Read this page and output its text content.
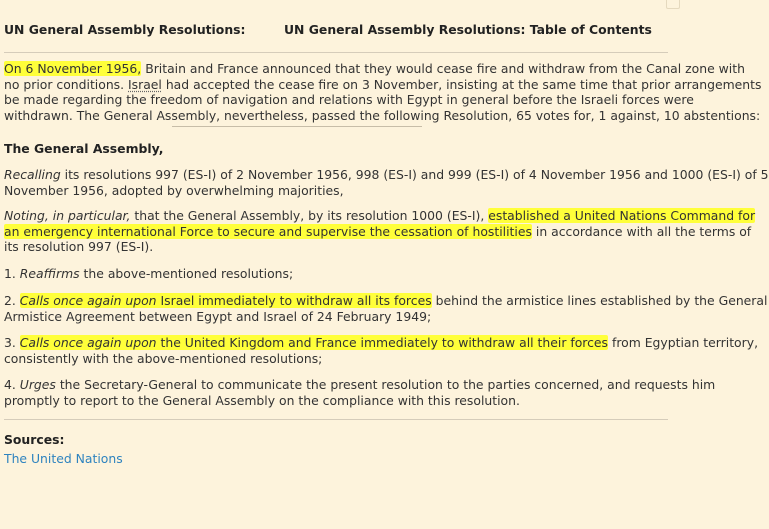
UN General Assembly Resolutions:	UN General Assembly Resolutions: Table of Contents
On 6 November 1956, Britain and France announced that they would cease fire and withdraw from the Canal zone with
no prior conditions. Israel had accepted the cease fire on 3 November, insisting at the same time that prior arrangements
be made regarding the freedom of navigation and relations with Egypt in general before the Israeli forces were
withdrawn. The General Assembly, nevertheless, passed the following Resolution, 65 votes for, 1 against, 10 abstentions:
The General Assembly,
Recalling its resolutions 997 (ES-I) of 2 November 1956, 998 (ES-I) and 999 (ES-I) of 4 November 1956 and 1000 (ES-I) of 5
November 1956, adopted by overwhelming majorities,
Noting, in particular, that the General Assembly, by its resolution 1000 (ES-I), established a United Nations Command for
an emergency international Force to secure and supervise the cessation of hostilities in accordance with all the terms of
its resolution 997 (ES-I).
1. Reaffirms the above-mentioned resolutions;
2. Calls once again upon Israel immediately to withdraw all its forces behind the armistice lines established by the General
Armistice Agreement between Egypt and Israel of 24 February 1949;
3. Calls once again upon the United Kingdom and France immediately to withdraw all their forces from Egyptian territory,
consistently with the above-mentioned resolutions;
4. Urges the Secretary-General to communicate the present resolution to the parties concerned, and requests him
promptly to report to the General Assembly on the compliance with this resolution.
Sources:
The United Nations
